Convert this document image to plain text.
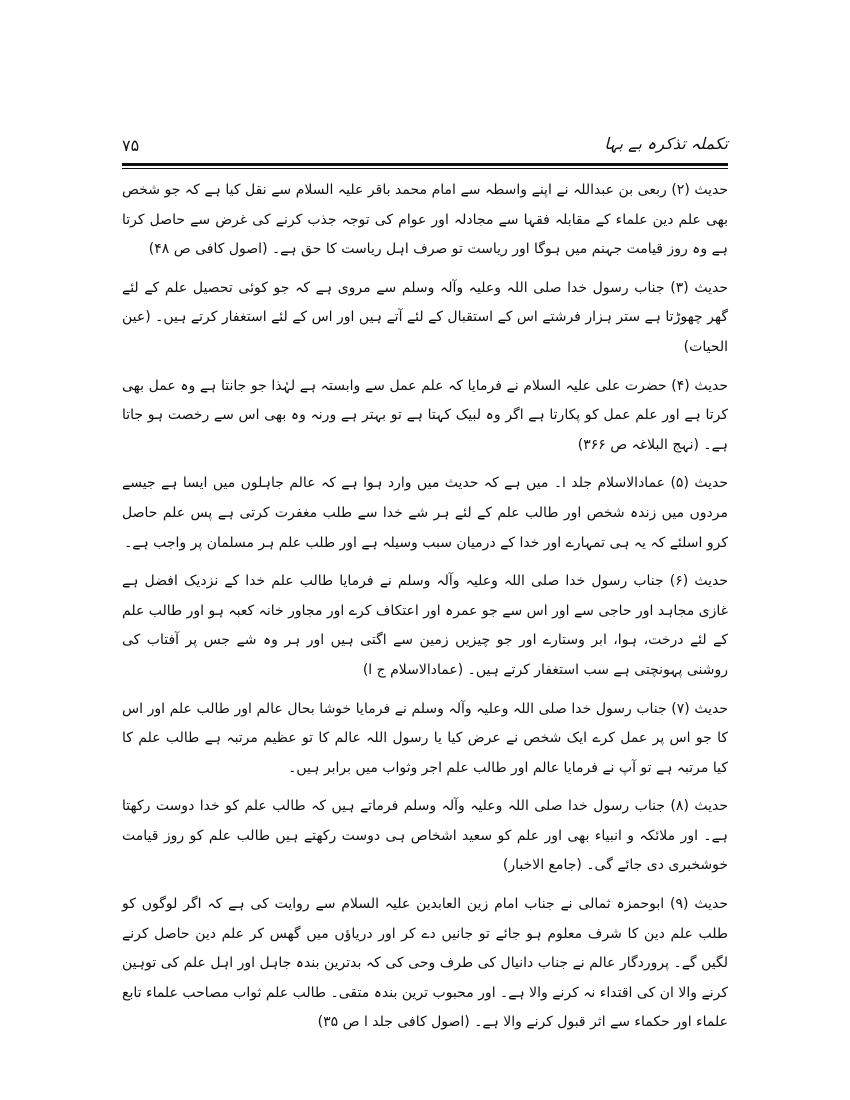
۷۵	تکملہ تذکرہ بے بہا

حدیث (۲) ربعی بن عبداللہ نے اپنے واسطہ سے امام محمد باقر علیہ السلام سے نقل کیا ہے کہ جو شخص بھی علم دین علماء کے مقابلہ فقہا سے مجادلہ اور عوام کی توجہ جذب کرنے کی غرض سے حاصل کرتا ہے وہ روز قیامت جہنم میں ہوگا اور ریاست تو صرف اہل ریاست کا حق ہے۔ (اصول کافی ص ۴۸)

حدیث (۳) جناب رسول خدا صلی اللہ وعلیہ وآلہ وسلم سے مروی ہے کہ جو کوئی تحصیل علم کے لئے گھر چھوڑتا ہے ستر ہزار فرشتے اس کے استقبال کے لئے آتے ہیں اور اس کے لئے استغفار کرتے ہیں۔ (عین الحیات)

حدیث (۴) حضرت علی علیہ السلام نے فرمایا کہ علم عمل سے وابستہ ہے لہٰذا جو جانتا ہے وہ عمل بھی کرتا ہے اور علم عمل کو پکارتا ہے اگر وہ لبیک کہتا ہے تو بہتر ہے ورنہ وہ بھی اس سے رخصت ہو جاتا ہے۔ (نہج البلاغہ ص ۳۶۶)

حدیث (۵) عمادالاسلام جلد ا۔ میں ہے کہ حدیث میں وارد ہوا ہے کہ عالم جاہلوں میں ایسا ہے جیسے مردوں میں زندہ شخص اور طالب علم کے لئے ہر شے خدا سے طلب مغفرت کرتی ہے پس علم حاصل کرو اسلئے کہ یہ ہی تمہارے اور خدا کے درمیان سبب وسیلہ ہے اور طلب علم ہر مسلمان پر واجب ہے۔

حدیث (۶) جناب رسول خدا صلی اللہ وعلیہ وآلہ وسلم نے فرمایا طالب علم خدا کے نزدیک افضل ہے غازی مجاہد اور حاجی سے اور اس سے جو عمرہ اور اعتکاف کرے اور مجاور خانہ کعبہ ہو اور طالب علم کے لئے درخت، ہوا، ابر وستارے اور جو چیزیں زمین سے اگتی ہیں اور ہر وہ شے جس پر آفتاب کی روشنی پہونچتی ہے سب استغفار کرتے ہیں۔ (عمادالاسلام ج ا)

حدیث (۷) جناب رسول خدا صلی اللہ وعلیہ وآلہ وسلم نے فرمایا خوشا بحال عالم اور طالب علم اور اس کا جو اس پر عمل کرے ایک شخص نے عرض کیا یا رسول اللہ عالم کا تو عظیم مرتبہ ہے طالب علم کا کیا مرتبہ ہے تو آپ نے فرمایا عالم اور طالب علم اجر وثواب میں برابر ہیں۔

حدیث (۸) جناب رسول خدا صلی اللہ وعلیہ وآلہ وسلم فرماتے ہیں کہ طالب علم کو خدا دوست رکھتا ہے۔ اور ملائکہ و انبیاء بھی اور علم کو سعید اشخاص ہی دوست رکھتے ہیں طالب علم کو روز قیامت خوشخبری دی جائے گی۔ (جامع الاخبار)

حدیث (۹) ابوحمزہ ثمالی نے جناب امام زین العابدین علیہ السلام سے روایت کی ہے کہ اگر لوگوں کو طلب علم دین کا شرف معلوم ہو جائے تو جانیں دے کر اور دریاؤں میں گھس کر علم دین حاصل کرنے لگیں گے۔ پروردگار عالم نے جناب دانیال کی طرف وحی کی کہ بدترین بندہ جاہل اور اہل علم کی توہین کرنے والا ان کی اقتداء نہ کرنے والا ہے۔ اور محبوب ترین بندہ متقی۔ طالب علم ثواب مصاحب علماء تابع علماء اور حکماء سے اثر قبول کرنے والا ہے۔ (اصول کافی جلد ا ص ۳۵)
